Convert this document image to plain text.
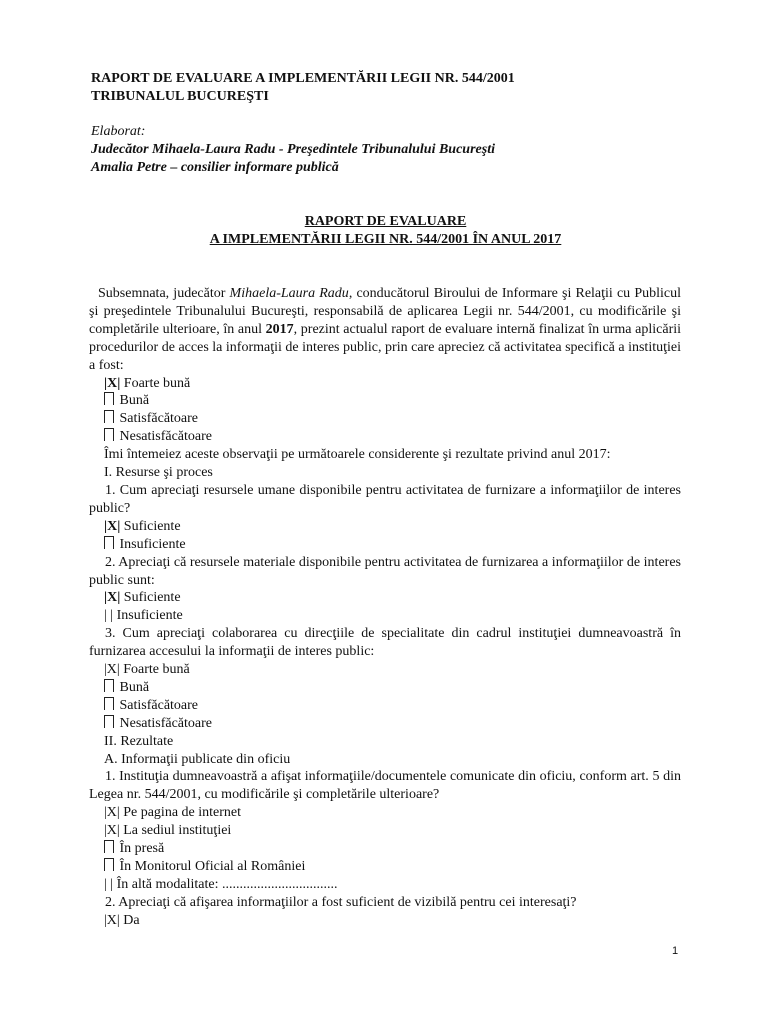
RAPORT DE EVALUARE A IMPLEMENTĂRII LEGII NR. 544/2001
TRIBUNALUL BUCUREŞTI
Elaborat:
Judecător Mihaela-Laura Radu - Preşedintele Tribunalului Bucureşti
Amalia Petre – consilier informare publică
RAPORT DE EVALUARE
A IMPLEMENTĂRII LEGII NR. 544/2001 ÎN ANUL 2017
Subsemnata, judecător Mihaela-Laura Radu, conducătorul Biroului de Informare şi Relaţii cu Publicul şi preşedintele Tribunalului Bucureşti, responsabilă de aplicarea Legii nr. 544/2001, cu modificările şi completările ulterioare, în anul 2017, prezint actualul raport de evaluare internă finalizat în urma aplicării procedurilor de acces la informaţii de interes public, prin care apreciez că activitatea specifică a instituţiei a fost:
|X| Foarte bună
Bună
Satisfăcătoare
Nesatisfăcătoare
Îmi întemeiez aceste observaţii pe următoarele considerente şi rezultate privind anul 2017:
I. Resurse şi proces
1. Cum apreciaţi resursele umane disponibile pentru activitatea de furnizare a informaţiilor de interes public?
|X| Suficiente
Insuficiente
2. Apreciaţi că resursele materiale disponibile pentru activitatea de furnizarea a informaţiilor de interes public sunt:
|X| Suficiente
| | Insuficiente
3. Cum apreciaţi colaborarea cu direcţiile de specialitate din cadrul instituţiei dumneavoastră în furnizarea accesului la informaţii de interes public:
|X| Foarte bună
Bună
Satisfăcătoare
Nesatisfăcătoare
II. Rezultate
A. Informaţii publicate din oficiu
1. Instituţia dumneavoastră a afişat informaţiile/documentele comunicate din oficiu, conform art. 5 din Legea nr. 544/2001, cu modificările şi completările ulterioare?
|X| Pe pagina de internet
|X| La sediul instituţiei
În presă
În Monitorul Oficial al României
| | În altă modalitate: .................................
2. Apreciaţi că afişarea informaţiilor a fost suficient de vizibilă pentru cei interesaţi?
|X| Da
1
